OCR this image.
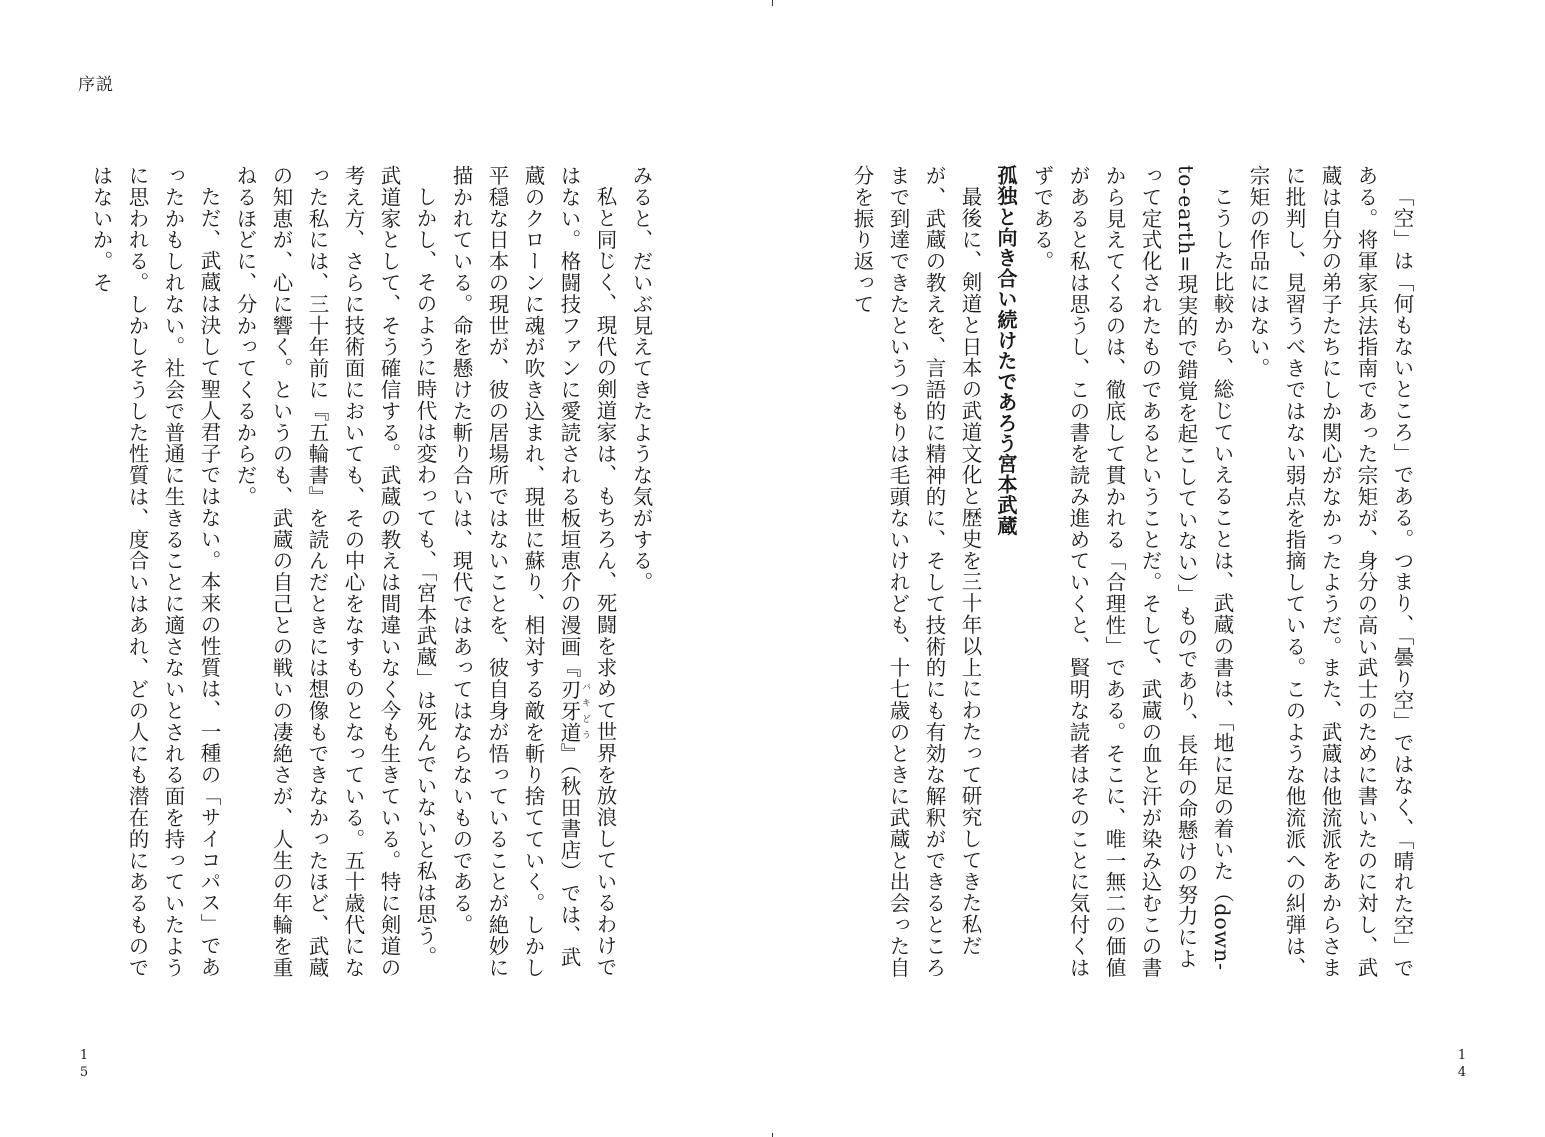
序説

「空」は「何もないところ」である。つまり、「曇り空」ではなく、「晴れた空」である。将軍家兵法指南であった宗矩が、身分の高い武士のために書いたのに対し、武蔵は自分の弟子たちにしか関心がなかったようだ。また、武蔵は他流派をあからさまに批判し、見習うべきではない弱点を指摘している。このような他流派への糾弾は、宗矩の作品にはない。

こうした比較から、総じていえることは、武蔵の書は、「地に足の着いた（down-to-earth=現実的で錯覚を起こしていない）」ものであり、長年の命懸けの努力によって定式化されたものであるということだ。そして、武蔵の血と汗が染み込むこの書から見えてくるのは、徹底して貫かれる「合理性」である。そこに、唯一無二の価値があると私は思うし、この書を読み進めていくと、賢明な読者はそのことに気付くはずである。

孤独と向き合い続けたであろう宮本武蔵

最後に、剣道と日本の武道文化と歴史を三十年以上にわたって研究してきた私だが、武蔵の教えを、言語的に精神的に、そして技術的にも有効な解釈ができるところまで到達できたというつもりは毛頭ないけれども、十七歳のときに武蔵と出会った自分を振り返って

みると、だいぶ見えてきたような気がする。

私と同じく、現代の剣道家は、もちろん、死闘を求めて世界を放浪しているわけではない。格闘技ファンに愛読される板垣恵介の漫画『刃牙道 バキどう』（秋田書店）では、武蔵のクローンに魂が吹き込まれ、現世に蘇り、相対する敵を斬り捨てていく。しかし平穏な日本の現世が、彼の居場所ではないことを、彼自身が悟っていることが絶妙に描かれている。命を懸けた斬り合いは、現代ではあってはならないものである。

しかし、そのように時代は変わっても、「宮本武蔵」は死んでいないと私は思う。武道家として、そう確信する。武蔵の教えは間違いなく今も生きている。特に剣道の考え方、さらに技術面においても、その中心をなすものとなっている。五十歳代になった私には、三十年前に『五輪書』を読んだときには想像もできなかったほど、武蔵の知恵が、心に響く。というのも、武蔵の自己との戦いの凄絶さが、人生の年輪を重ねるほどに、分かってくるからだ。

ただ、武蔵は決して聖人君子ではない。本来の性質は、一種の「サイコパス」であったかもしれない。社会で普通に生きることに適さないとされる面を持っていたように思われる。しかしそうした性質は、度合いはあれ、どの人にも潜在的にあるものではないか。そ

1
5
1
4
